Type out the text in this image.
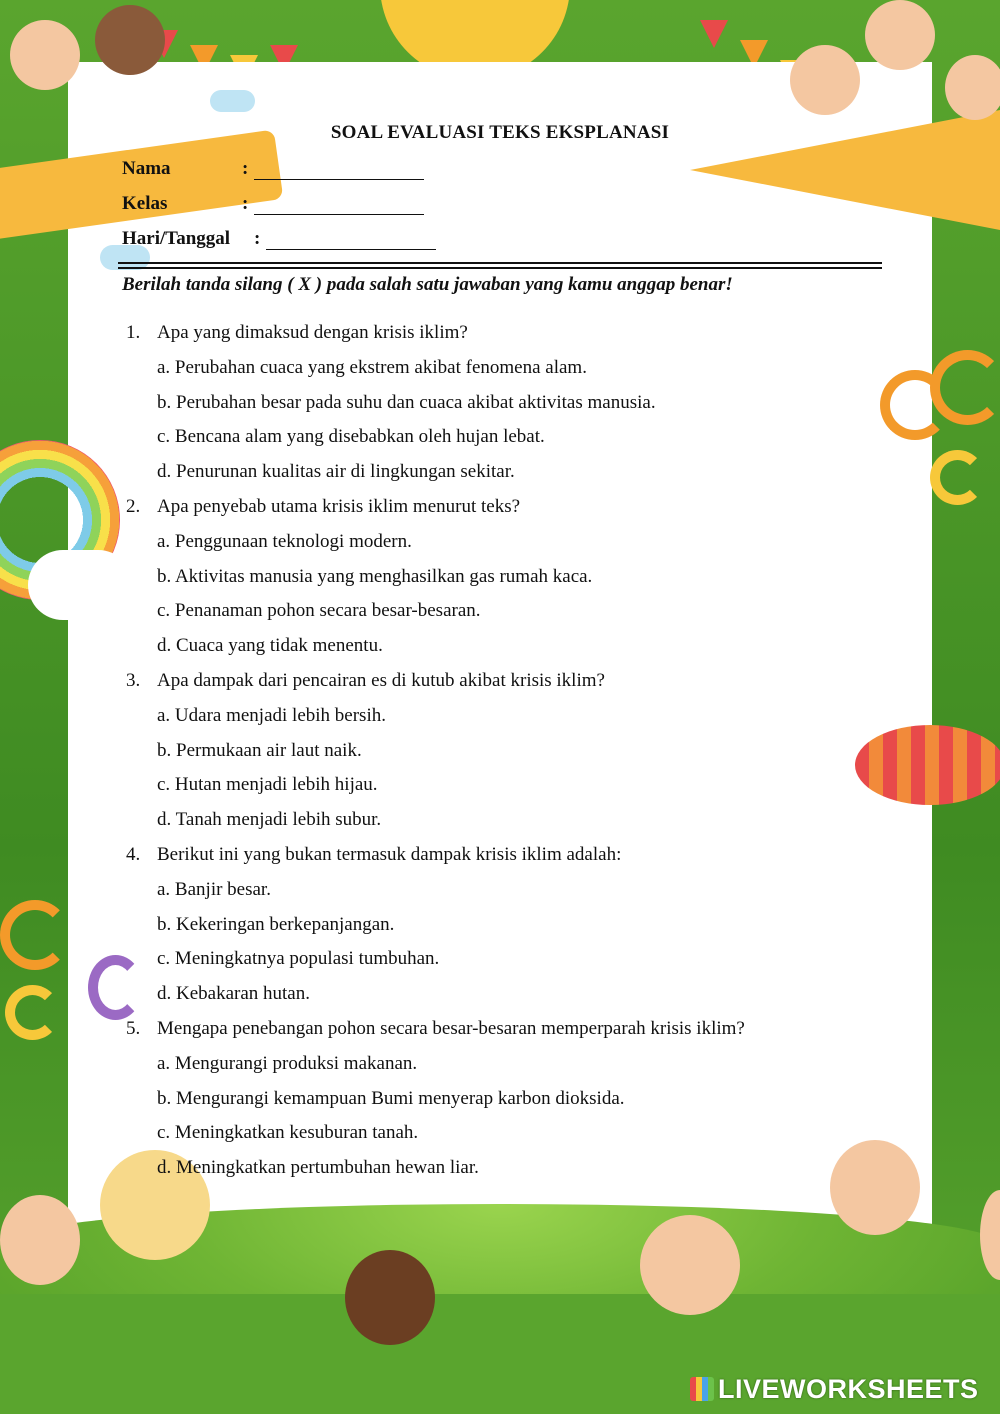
SOAL EVALUASI TEKS EKSPLANASI
Nama	:
Kelas	:
Hari/Tanggal :
Berilah tanda silang ( X ) pada salah satu jawaban yang kamu anggap benar!
1. Apa yang dimaksud dengan krisis iklim?
a. Perubahan cuaca yang ekstrem akibat fenomena alam.
b. Perubahan besar pada suhu dan cuaca akibat aktivitas manusia.
c. Bencana alam yang disebabkan oleh hujan lebat.
d. Penurunan kualitas air di lingkungan sekitar.
2. Apa penyebab utama krisis iklim menurut teks?
a. Penggunaan teknologi modern.
b. Aktivitas manusia yang menghasilkan gas rumah kaca.
c. Penanaman pohon secara besar-besaran.
d. Cuaca yang tidak menentu.
3. Apa dampak dari pencairan es di kutub akibat krisis iklim?
a. Udara menjadi lebih bersih.
b. Permukaan air laut naik.
c. Hutan menjadi lebih hijau.
d. Tanah menjadi lebih subur.
4. Berikut ini yang bukan termasuk dampak krisis iklim adalah:
a. Banjir besar.
b. Kekeringan berkepanjangan.
c. Meningkatnya populasi tumbuhan.
d. Kebakaran hutan.
5. Mengapa penebangan pohon secara besar-besaran memperparah krisis iklim?
a. Mengurangi produksi makanan.
b. Mengurangi kemampuan Bumi menyerap karbon dioksida.
c. Meningkatkan kesuburan tanah.
d. Meningkatkan pertumbuhan hewan liar.
LIVEWORKSHEETS
